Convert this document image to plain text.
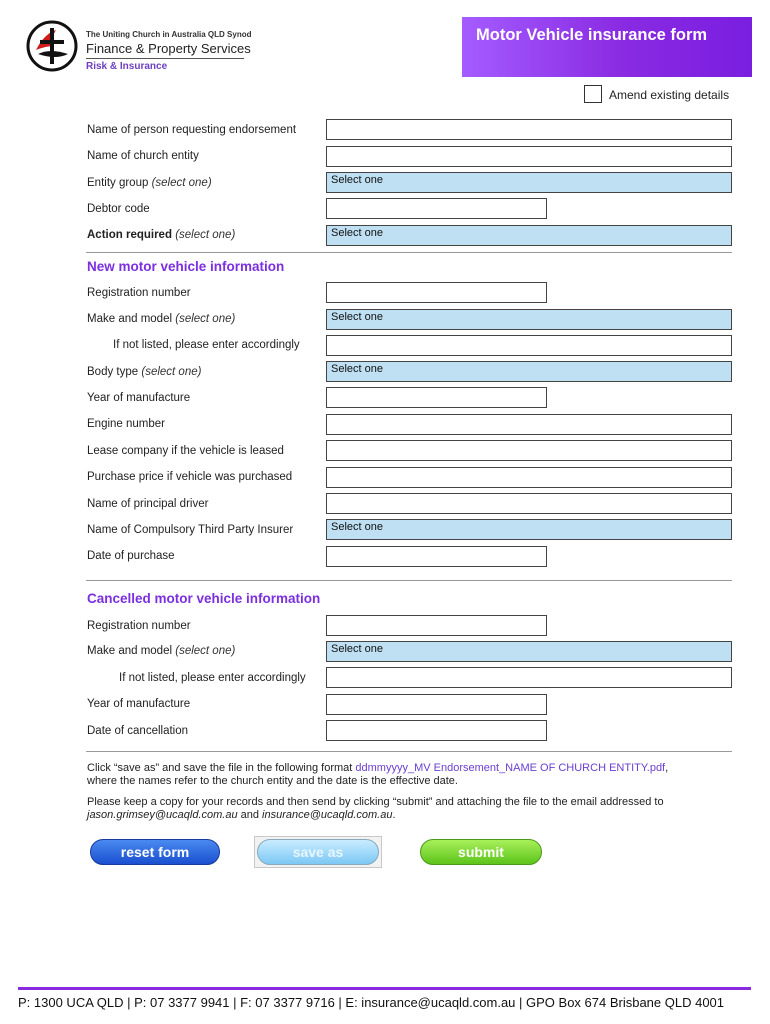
The Uniting Church in Australia QLD Synod
Finance & Property Services
Risk & Insurance
Motor Vehicle insurance form
Amend existing details
Name of person requesting endorsement
Name of church entity
Entity group (select one)	Select one
Debtor code
Action required (select one)	Select one
New motor vehicle information
Registration number
Make and model (select one)	Select one
If not listed, please enter accordingly
Body type (select one)	Select one
Year of manufacture
Engine number
Lease company if the vehicle is leased
Purchase price if vehicle was purchased
Name of principal driver
Name of Compulsory Third Party Insurer	Select one
Date of purchase
Cancelled motor vehicle information
Registration number
Make and model (select one)	Select one
If not listed, please enter accordingly
Year of manufacture
Date of cancellation
Click “save as” and save the file in the following format ddmmyyyy_MV Endorsement_NAME OF CHURCH ENTITY.pdf,
where the names refer to the church entity and the date is the effective date.
Please keep a copy for your records and then send by clicking “submit” and attaching the file to the email addressed to
jason.grimsey@ucaqld.com.au and insurance@ucaqld.com.au.
reset form	save as	submit
P: 1300 UCA QLD | P: 07 3377 9941 | F: 07 3377 9716 | E: insurance@ucaqld.com.au | GPO Box 674 Brisbane QLD 4001
